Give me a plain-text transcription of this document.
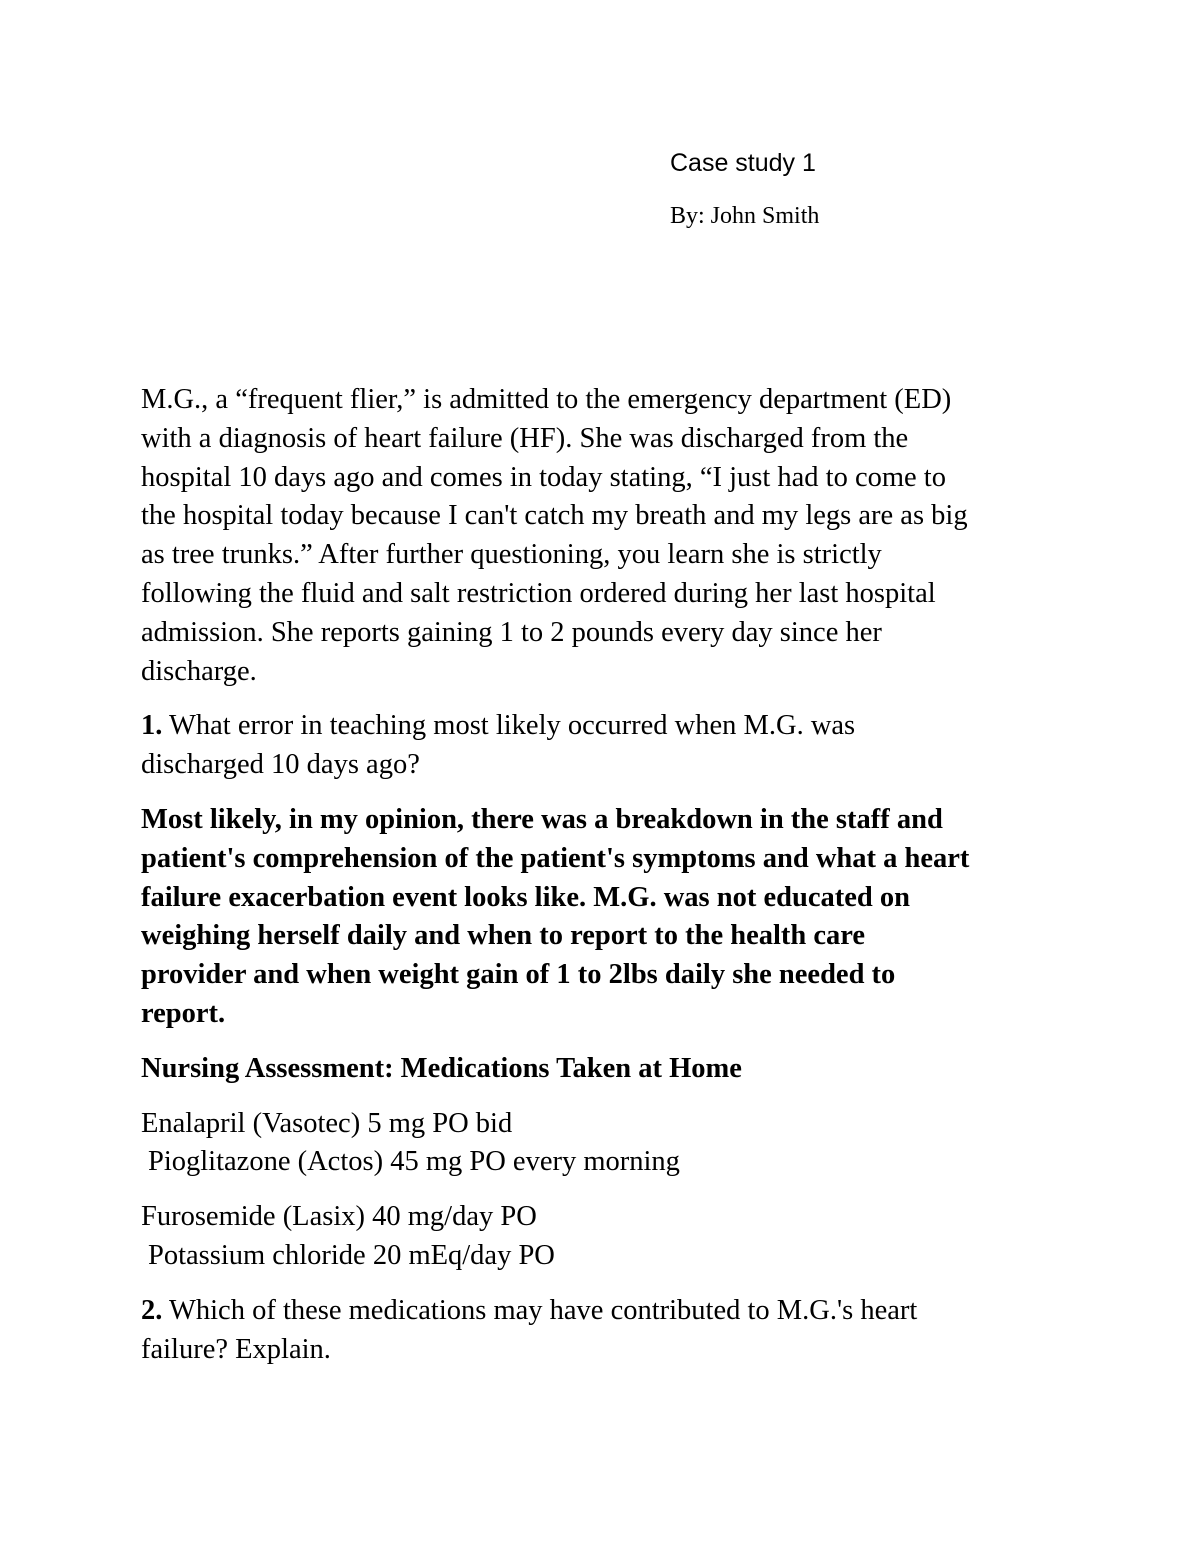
Case study 1

By: John Smith

M.G., a “frequent flier,” is admitted to the emergency department (ED)
with a diagnosis of heart failure (HF). She was discharged from the
hospital 10 days ago and comes in today stating, “I just had to come to
the hospital today because I can't catch my breath and my legs are as big
as tree trunks.” After further questioning, you learn she is strictly
following the fluid and salt restriction ordered during her last hospital
admission. She reports gaining 1 to 2 pounds every day since her
discharge.

1. What error in teaching most likely occurred when M.G. was
discharged 10 days ago?

Most likely, in my opinion, there was a breakdown in the staff and
patient's comprehension of the patient's symptoms and what a heart
failure exacerbation event looks like. M.G. was not educated on
weighing herself daily and when to report to the health care
provider and when weight gain of 1 to 2lbs daily she needed to
report.

Nursing Assessment: Medications Taken at Home

Enalapril (Vasotec) 5 mg PO bid
Pioglitazone (Actos) 45 mg PO every morning

Furosemide (Lasix) 40 mg/day PO
Potassium chloride 20 mEq/day PO

2. Which of these medications may have contributed to M.G.'s heart
failure? Explain.
